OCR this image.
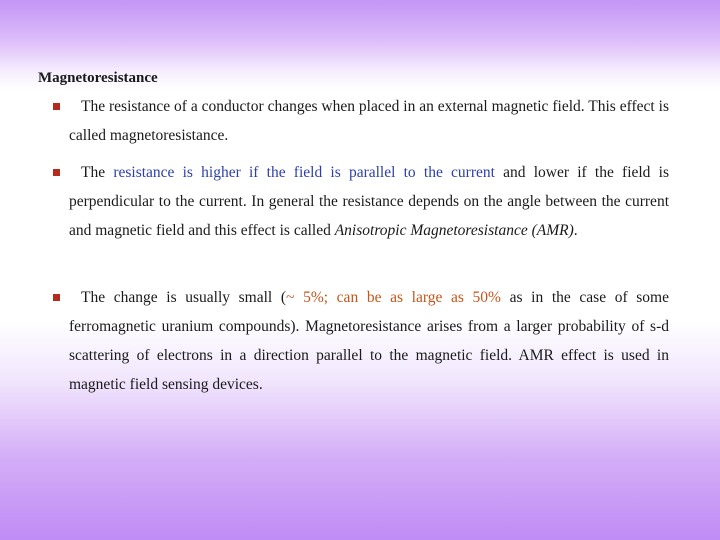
Magnetoresistance
The resistance of a conductor changes when placed in an external magnetic field. This effect is called magnetoresistance.
The resistance is higher if the field is parallel to the current and lower if the field is perpendicular to the current. In general the resistance depends on the angle between the current and magnetic field and this effect is called Anisotropic Magnetoresistance (AMR).
The change is usually small (~ 5%; can be as large as 50% as in the case of some ferromagnetic uranium compounds). Magnetoresistance arises from a larger probability of s-d scattering of electrons in a direction parallel to the magnetic field. AMR effect is used in magnetic field sensing devices.
